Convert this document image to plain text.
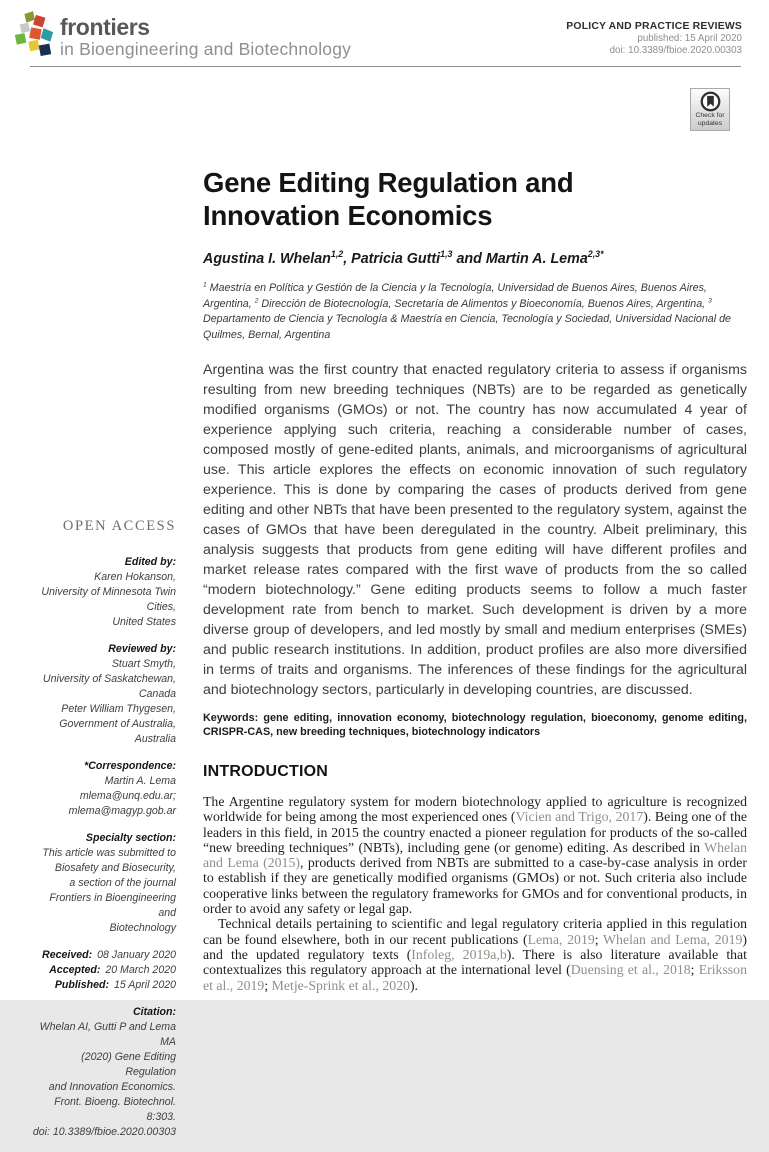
frontiers
in Bioengineering and Biotechnology
POLICY AND PRACTICE REVIEWS
published: 15 April 2020
doi: 10.3389/fbioe.2020.00303
Check for
updates
OPEN ACCESS
Edited by:
Karen Hokanson,
University of Minnesota Twin Cities,
United States
Reviewed by:
Stuart Smyth,
University of Saskatchewan, Canada
Peter William Thygesen,
Government of Australia, Australia
*Correspondence:
Martin A. Lema
mlema@unq.edu.ar;
mlema@magyp.gob.ar
Specialty section:
This article was submitted to
Biosafety and Biosecurity,
a section of the journal
Frontiers in Bioengineering and
Biotechnology
Received: 08 January 2020
Accepted: 20 March 2020
Published: 15 April 2020
Citation:
Whelan AI, Gutti P and Lema MA
(2020) Gene Editing Regulation
and Innovation Economics.
Front. Bioeng. Biotechnol. 8:303.
doi: 10.3389/fbioe.2020.00303
Gene Editing Regulation and Innovation Economics
Agustina I. Whelan$^{1,2}$, Patricia Gutti$^{1,3}$ and Martin A. Lema$^{2,3*}$
$^1$ Maestría en Política y Gestión de la Ciencia y la Tecnología, Universidad de Buenos Aires, Buenos Aires, Argentina, $^2$ Dirección de Biotecnología, Secretaría de Alimentos y Bioeconomía, Buenos Aires, Argentina, $^3$ Departamento de Ciencia y Tecnología & Maestría en Ciencia, Tecnología y Sociedad, Universidad Nacional de Quilmes, Bernal, Argentina
Argentina was the first country that enacted regulatory criteria to assess if organisms resulting from new breeding techniques (NBTs) are to be regarded as genetically modified organisms (GMOs) or not. The country has now accumulated 4 year of experience applying such criteria, reaching a considerable number of cases, composed mostly of gene-edited plants, animals, and microorganisms of agricultural use. This article explores the effects on economic innovation of such regulatory experience. This is done by comparing the cases of products derived from gene editing and other NBTs that have been presented to the regulatory system, against the cases of GMOs that have been deregulated in the country. Albeit preliminary, this analysis suggests that products from gene editing will have different profiles and market release rates compared with the first wave of products from the so called “modern biotechnology.” Gene editing products seems to follow a much faster development rate from bench to market. Such development is driven by a more diverse group of developers, and led mostly by small and medium enterprises (SMEs) and public research institutions. In addition, product profiles are also more diversified in terms of traits and organisms. The inferences of these findings for the agricultural and biotechnology sectors, particularly in developing countries, are discussed.
Keywords: gene editing, innovation economy, biotechnology regulation, bioeconomy, genome editing, CRISPR-CAS, new breeding techniques, biotechnology indicators
INTRODUCTION

The Argentine regulatory system for modern biotechnology applied to agriculture is recognized worldwide for being among the most experienced ones (Vicien and Trigo, 2017). Being one of the leaders in this field, in 2015 the country enacted a pioneer regulation for products of the so-called “new breeding techniques” (NBTs), including gene (or genome) editing. As described in Whelan and Lema (2015), products derived from NBTs are submitted to a case-by-case analysis in order to establish if they are genetically modified organisms (GMOs) or not. Such criteria also include cooperative links between the regulatory frameworks for GMOs and for conventional products, in order to avoid any safety or legal gap.

Technical details pertaining to scientific and legal regulatory criteria applied in this regulation can be found elsewhere, both in our recent publications (Lema, 2019; Whelan and Lema, 2019) and the updated regulatory texts (Infoleg, 2019a,b). There is also literature available that contextualizes this regulatory approach at the international level (Duensing et al., 2018; Eriksson et al., 2019; Metje-Sprink et al., 2020).
